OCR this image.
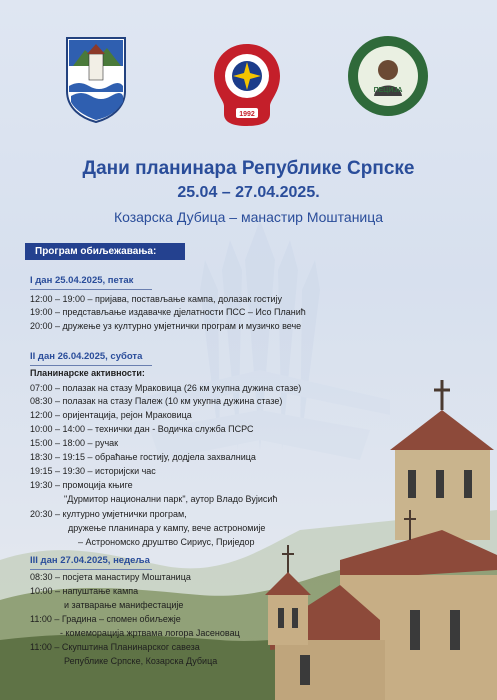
1992
ПЕЦИЈА
Дани планинара Републике Српске
25.04 – 27.04.2025.
Козарска Дубица – манастир Моштаница
Програм обиљежавања:
I дан 25.04.2025, петак
12:00 – 19:00 – пријава, постављање кампа, долазак гостију
19:00 – представљање издавачке дјелатности ПСС – Исо Планић
20:00 – дружење уз културно умјетнички програм и музичко вече
II дан 26.04.2025, субота
Планинарске активности:
07:00 – полазак на стазу Мраковица (26 км укупна дужина стазе)
08:30 – полазак на стазу Палеж (10 км укупна дужина стазе)
12:00 – оријентација, рејон Мраковица
10:00 – 14:00 – технички дан - Водичка служба ПСРС
15:00 – 18:00 – ручак
18:30 – 19:15 – обраћање гостију, додјела захвалница
19:15 – 19:30 – историјски час
19:30 – промоција књиге
"Дурмитор национални парк", аутор Владо Вујисић
20:30 – културно умјетнички програм,
дружење планинара у кампу, вече астрономије
– Астрономско друштво Сириус, Приједор
III дан 27.04.2025, недеља
08:30 – посјета манастиру Моштаница
10:00 – напуштање кампа
и затварање манифестације
11:00 – Градина – спомен обиљежје
- комеморација жртвама логора Јасеновац
11:00 – Скупштина Планинарског савеза
Републике Српске, Козарска Дубица
